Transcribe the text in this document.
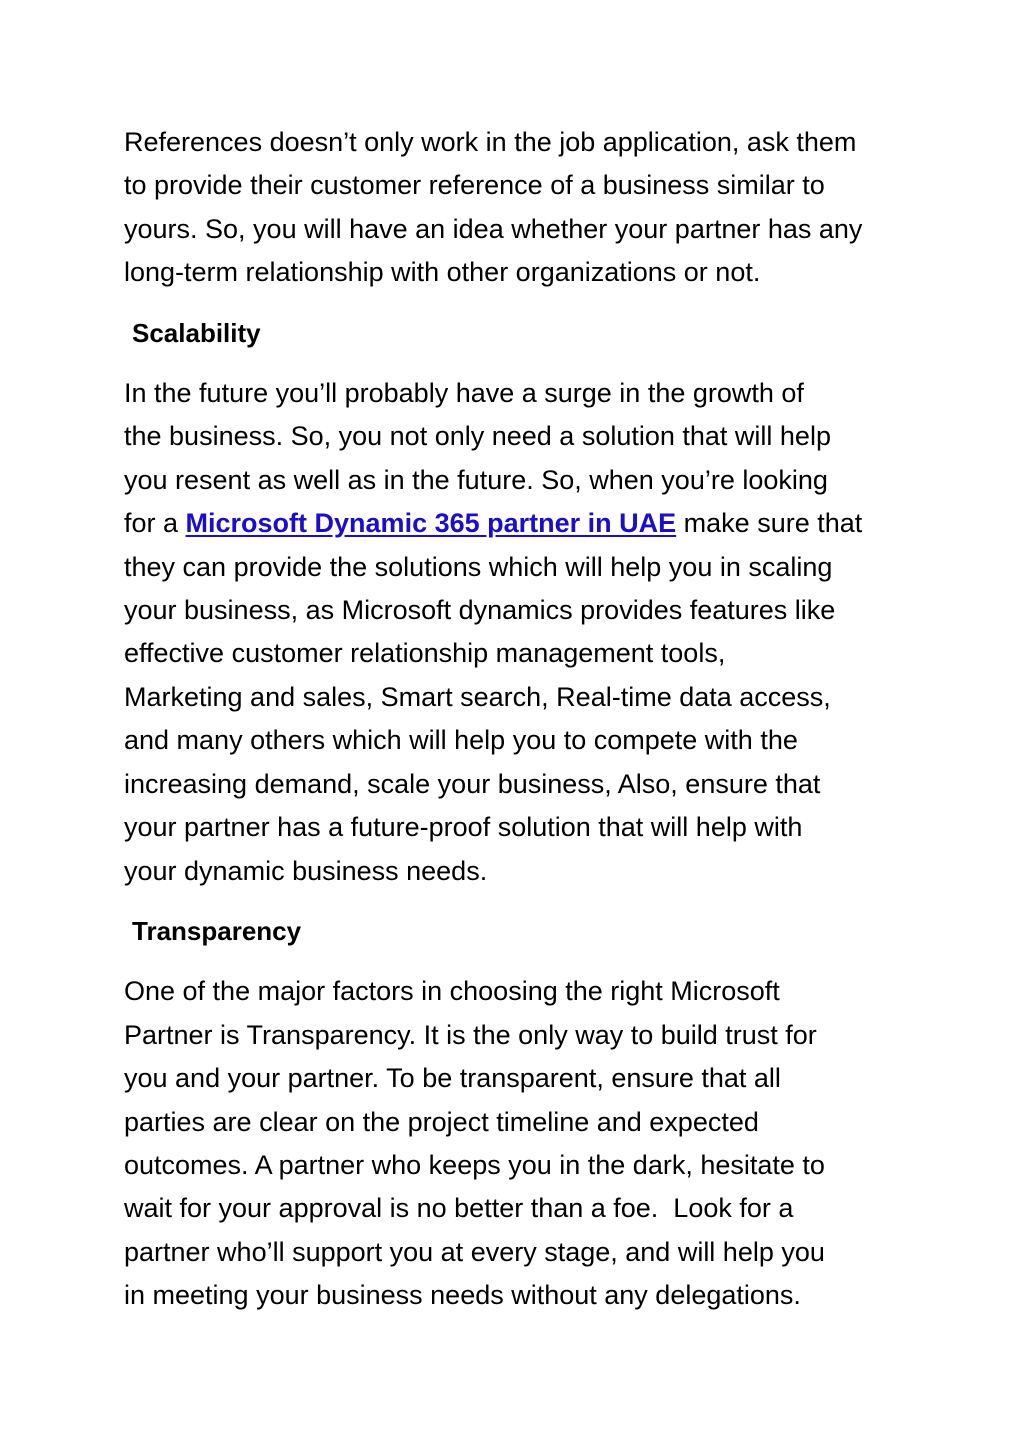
References doesn’t only work in the job application, ask them
to provide their customer reference of a business similar to
yours. So, you will have an idea whether your partner has any
long-term relationship with other organizations or not.

Scalability

In the future you’ll probably have a surge in the growth of
the business. So, you not only need a solution that will help
you resent as well as in the future. So, when you’re looking
for a Microsoft Dynamic 365 partner in UAE make sure that
they can provide the solutions which will help you in scaling
your business, as Microsoft dynamics provides features like
effective customer relationship management tools,
Marketing and sales, Smart search, Real-time data access,
and many others which will help you to compete with the
increasing demand, scale your business, Also, ensure that
your partner has a future-proof solution that will help with
your dynamic business needs.

Transparency

One of the major factors in choosing the right Microsoft
Partner is Transparency. It is the only way to build trust for
you and your partner. To be transparent, ensure that all
parties are clear on the project timeline and expected
outcomes. A partner who keeps you in the dark, hesitate to
wait for your approval is no better than a foe.  Look for a
partner who’ll support you at every stage, and will help you
in meeting your business needs without any delegations.
